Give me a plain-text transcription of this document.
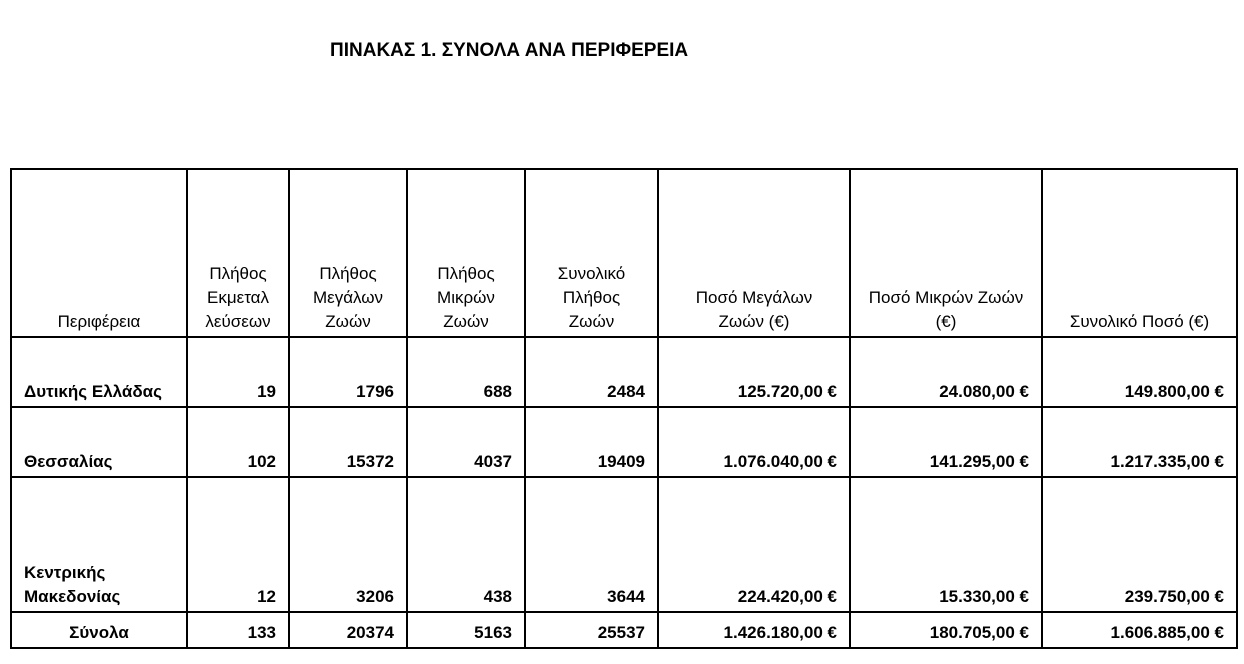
ΠΙΝΑΚΑΣ 1. ΣΥΝΟΛΑ ΑΝΑ ΠΕΡΙΦΕΡΕΙΑ
Περιφέρεια	Πλήθος Εκμεταλ λεύσεων	Πλήθος Μεγάλων Ζωών	Πλήθος Μικρών Ζωών	Συνολικό Πλήθος Ζωών	Ποσό Μεγάλων Ζωών (€)	Ποσό Μικρών Ζωών (€)	Συνολικό Ποσό (€)
Δυτικής Ελλάδας	19	1796	688	2484	125.720,00 €	24.080,00 €	149.800,00 €
Θεσσαλίας	102	15372	4037	19409	1.076.040,00 €	141.295,00 €	1.217.335,00 €
Κεντρικής Μακεδονίας	12	3206	438	3644	224.420,00 €	15.330,00 €	239.750,00 €
Σύνολα	133	20374	5163	25537	1.426.180,00 €	180.705,00 €	1.606.885,00 €
